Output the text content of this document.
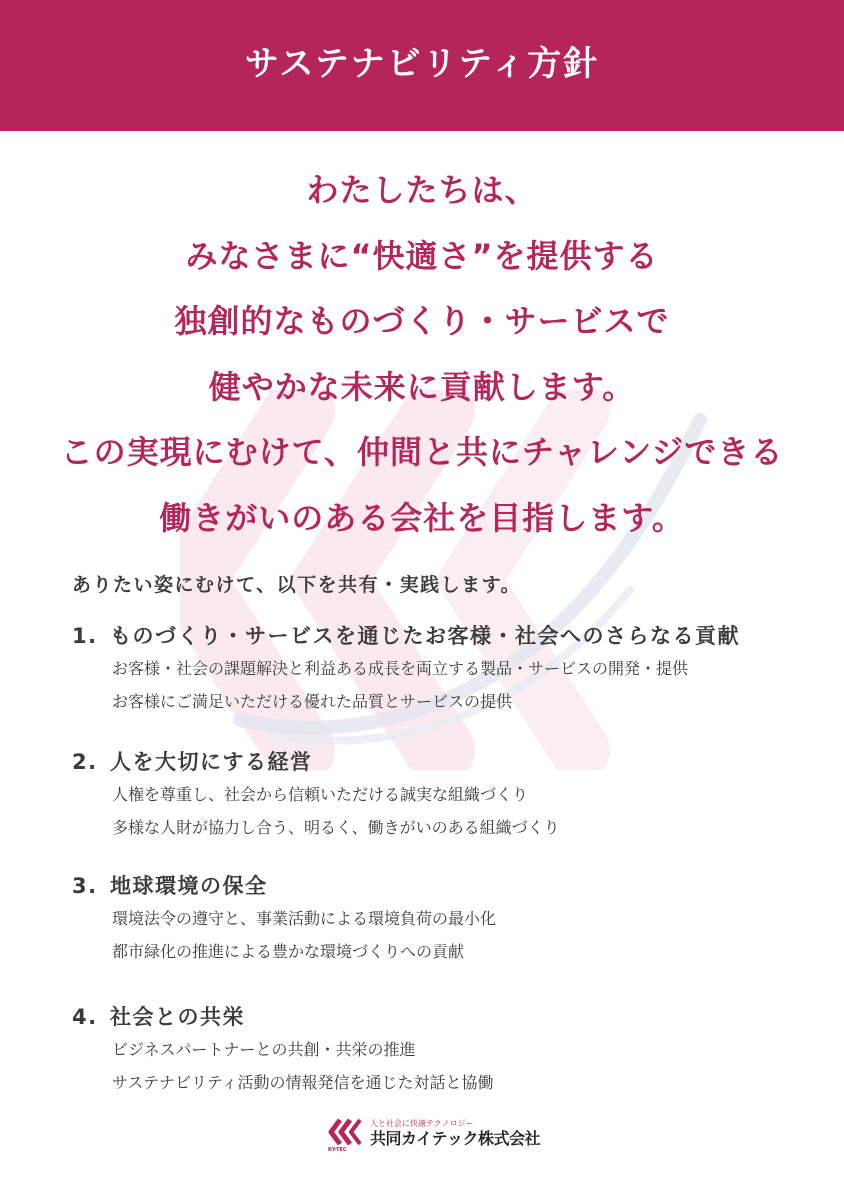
サステナビリティ方針
わたしたちは、
みなさまに“快適さ”を提供する
独創的なものづくり・サービスで
健やかな未来に貢献します。
この実現にむけて、仲間と共にチャレンジできる
働きがいのある会社を目指します。
ありたい姿にむけて、以下を共有・実践します。
1. ものづくり・サービスを通じたお客様・社会へのさらなる貢献
お客様・社会の課題解決と利益ある成長を両立する製品・サービスの開発・提供
お客様にご満足いただける優れた品質とサービスの提供
2. 人を大切にする経営
人権を尊重し、社会から信頼いただける誠実な組織づくり
多様な人財が協力し合う、明るく、働きがいのある組織づくり
3. 地球環境の保全
環境法令の遵守と、事業活動による環境負荷の最小化
都市緑化の推進による豊かな環境づくりへの貢献
4. 社会との共栄
ビジネスパートナーとの共創・共栄の推進
サステナビリティ活動の情報発信を通じた対話と協働
KY-TEC
人と社会に快適テクノロジー
共同カイテック株式会社
